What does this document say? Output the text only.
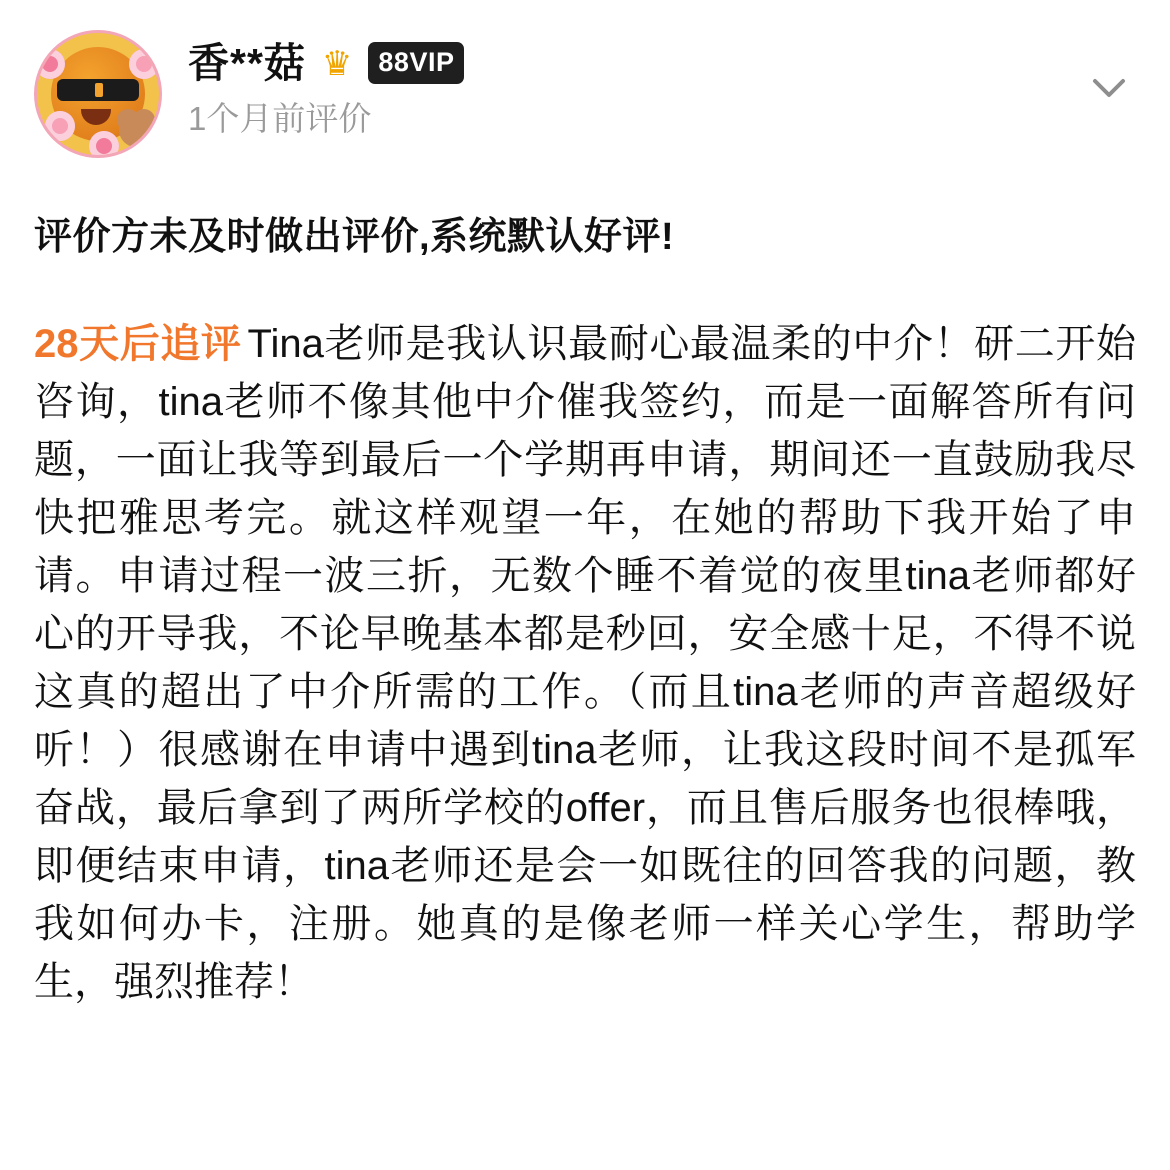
香**菇 ♛ 88VIP
1个月前评价
评价方未及时做出评价,系统默认好评!
28天后追评 Tina老师是我认识最耐心最温柔的中介！研二开始咨询，tina老师不像其他中介催我签约，而是一面解答所有问题，一面让我等到最后一个学期再申请，期间还一直鼓励我尽快把雅思考完。就这样观望一年，在她的帮助下我开始了申请。申请过程一波三折，无数个睡不着觉的夜里tina老师都好心的开导我，不论早晚基本都是秒回，安全感十足，不得不说这真的超出了中介所需的工作。（而且tina老师的声音超级好听！）很感谢在申请中遇到tina老师，让我这段时间不是孤军奋战，最后拿到了两所学校的offer，而且售后服务也很棒哦，即便结束申请，tina老师还是会一如既往的回答我的问题，教我如何办卡，注册。她真的是像老师一样关心学生，帮助学生，强烈推荐！
